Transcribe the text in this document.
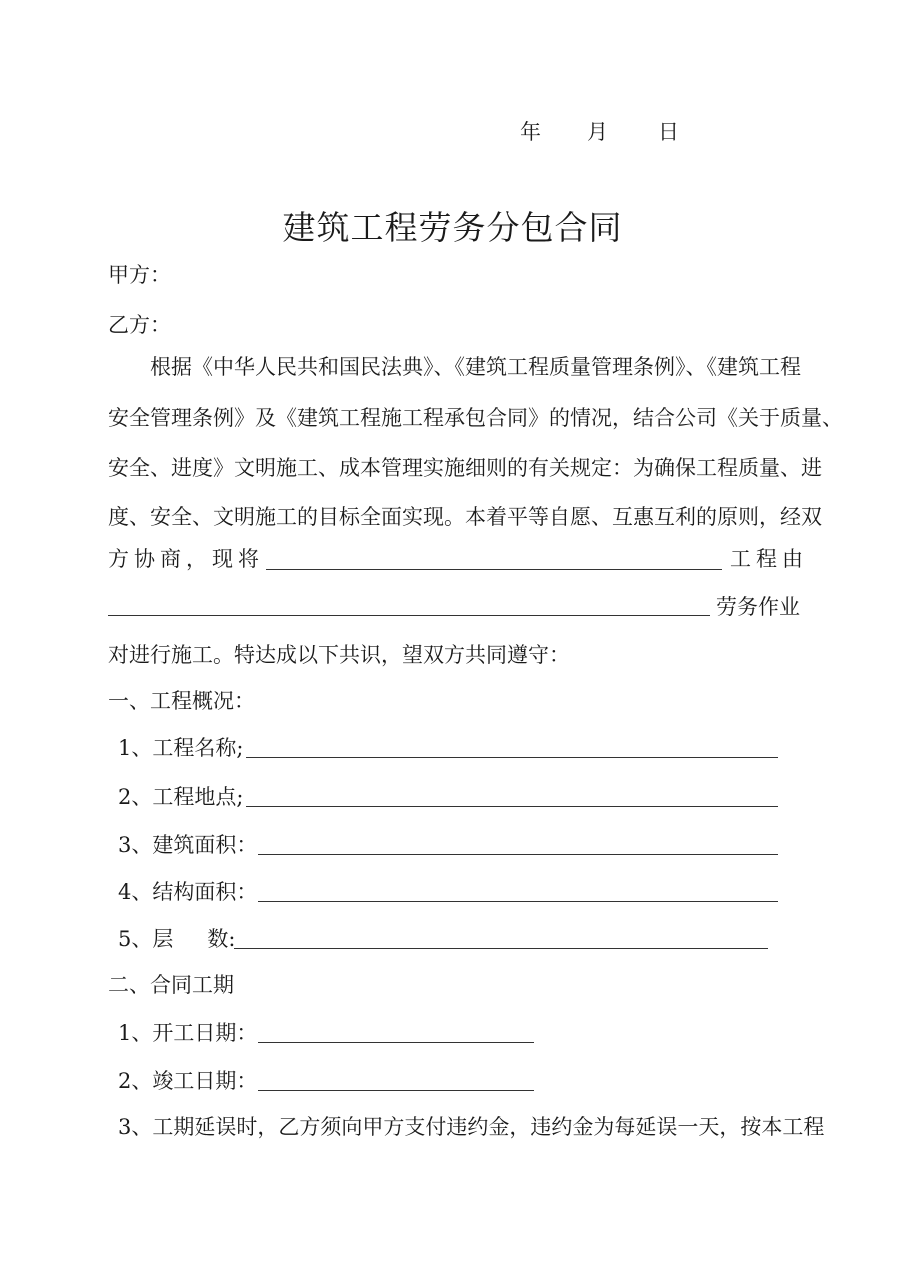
年 月 日
建筑工程劳务分包合同
甲方：
乙方：
根据《中华人民共和国民法典》、《建筑工程质量管理条例》、《建筑工程
安全管理条例》及《建筑工程施工程承包合同》的情况，结合公司《关于质量、
安全、进度》文明施工、成本管理实施细则的有关规定：为确保工程质量、进
度、安全、文明施工的目标全面实现。本着平等自愿、互惠互利的原则，经双
方协商，现将	工程由
劳务作业
对进行施工。特达成以下共识，望双方共同遵守：
一、工程概况：
1、工程名称;
2、工程地点;
3、建筑面积：
4、结构面积：
5、层 数:
二、合同工期
1、开工日期：
2、竣工日期：
3、工期延误时，乙方须向甲方支付违约金，违约金为每延误一天，按本工程
